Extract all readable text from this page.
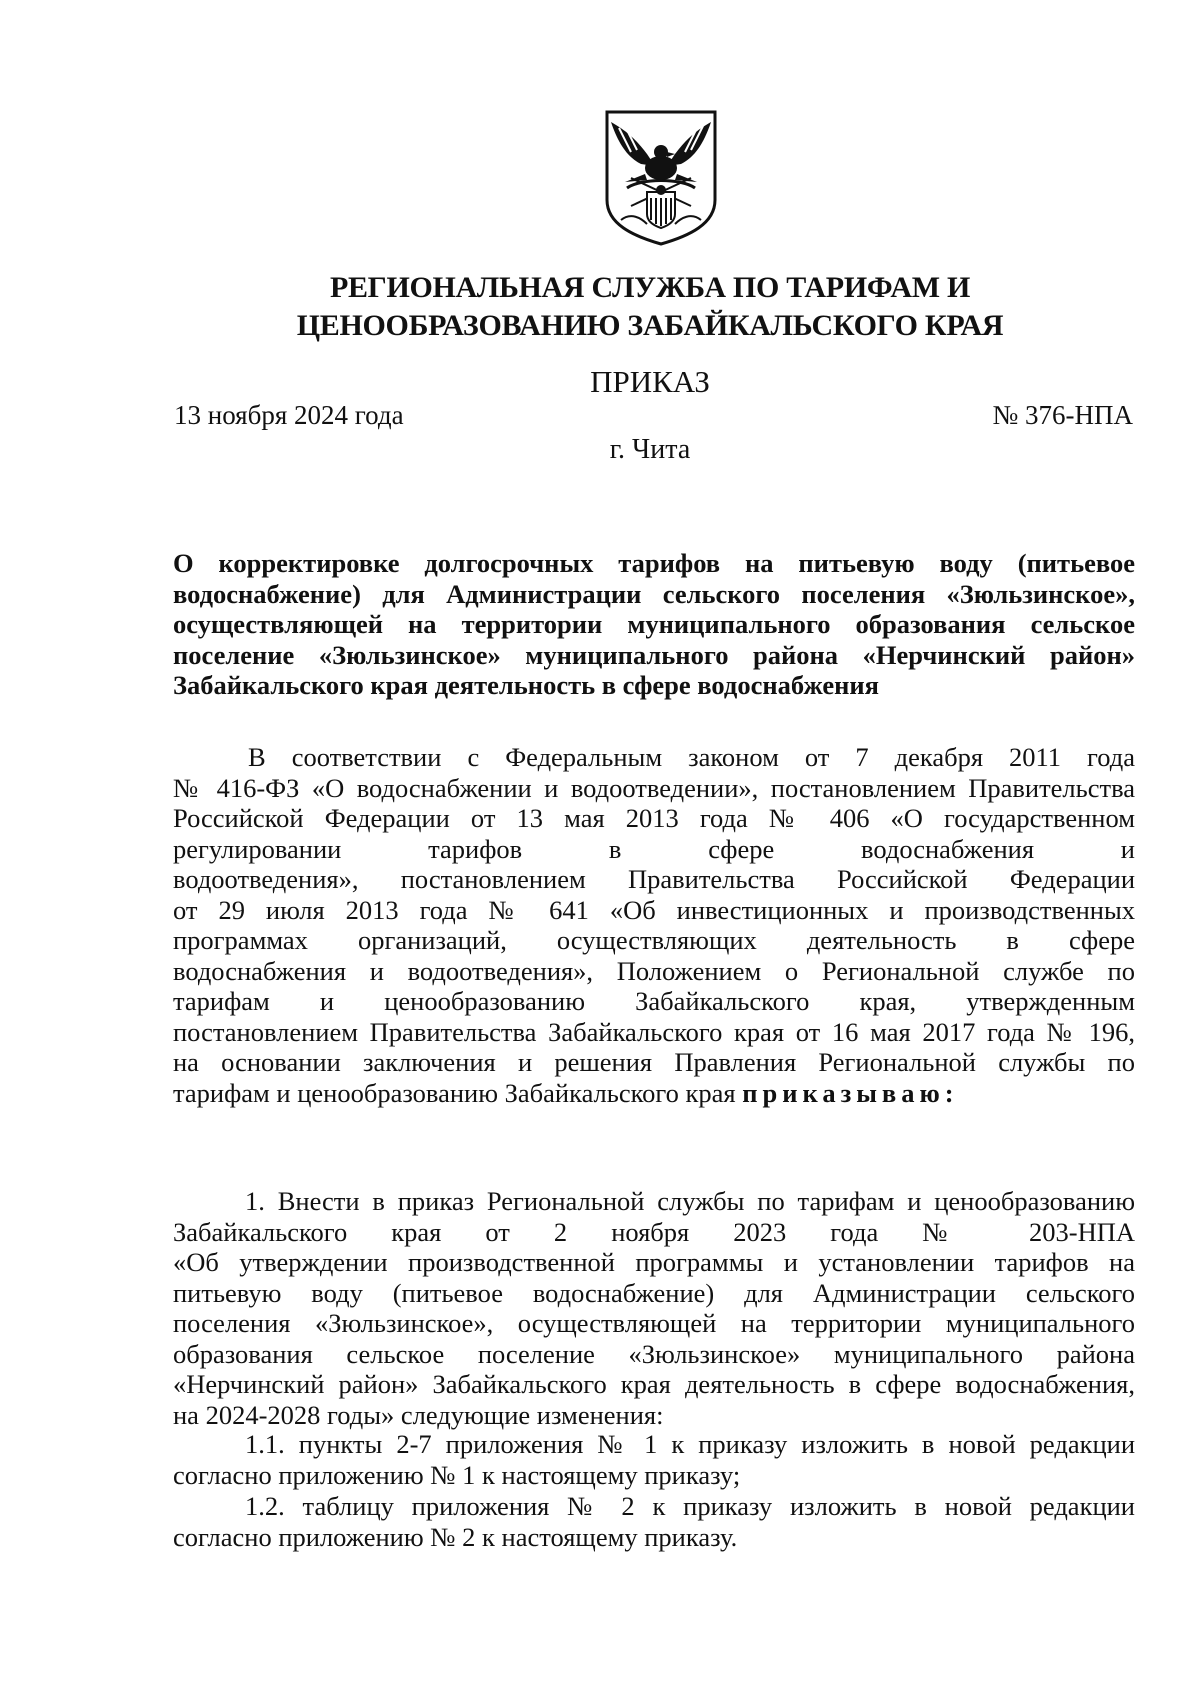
РЕГИОНАЛЬНАЯ СЛУЖБА ПО ТАРИФАМ И
ЦЕНООБРАЗОВАНИЮ ЗАБАЙКАЛЬСКОГО КРАЯ
ПРИКАЗ
13 ноября 2024 года	№ 376-НПА
г. Чита
О корректировке долгосрочных тарифов на питьевую воду (питьевое
водоснабжение) для Администрации сельского поселения «Зюльзинское»,
осуществляющей на территории муниципального образования сельское
поселение «Зюльзинское» муниципального района «Нерчинский район»
Забайкальского края деятельность в сфере водоснабжения
В соответствии с Федеральным законом от 7 декабря 2011 года
№ 416-ФЗ «О водоснабжении и водоотведении», постановлением Правительства
Российской Федерации от 13 мая 2013 года № 406 «О государственном
регулировании тарифов в сфере водоснабжения и
водоотведения», постановлением Правительства Российской Федерации
от 29 июля 2013 года № 641 «Об инвестиционных и производственных
программах организаций, осуществляющих деятельность в сфере
водоснабжения и водоотведения», Положением о Региональной службе по
тарифам и ценообразованию Забайкальского края, утвержденным
постановлением Правительства Забайкальского края от 16 мая 2017 года № 196,
на основании заключения и решения Правления Региональной службы по
тарифам и ценообразованию Забайкальского края приказываю:
1. Внести в приказ Региональной службы по тарифам и ценообразованию
Забайкальского края от 2 ноября 2023 года № 203-НПА
«Об утверждении производственной программы и установлении тарифов на
питьевую воду (питьевое водоснабжение) для Администрации сельского
поселения «Зюльзинское», осуществляющей на территории муниципального
образования сельское поселение «Зюльзинское» муниципального района
«Нерчинский район» Забайкальского края деятельность в сфере водоснабжения,
на 2024-2028 годы» следующие изменения:
1.1. пункты 2-7 приложения № 1 к приказу изложить в новой редакции
согласно приложению № 1 к настоящему приказу;
1.2. таблицу приложения № 2 к приказу изложить в новой редакции
согласно приложению № 2 к настоящему приказу.
